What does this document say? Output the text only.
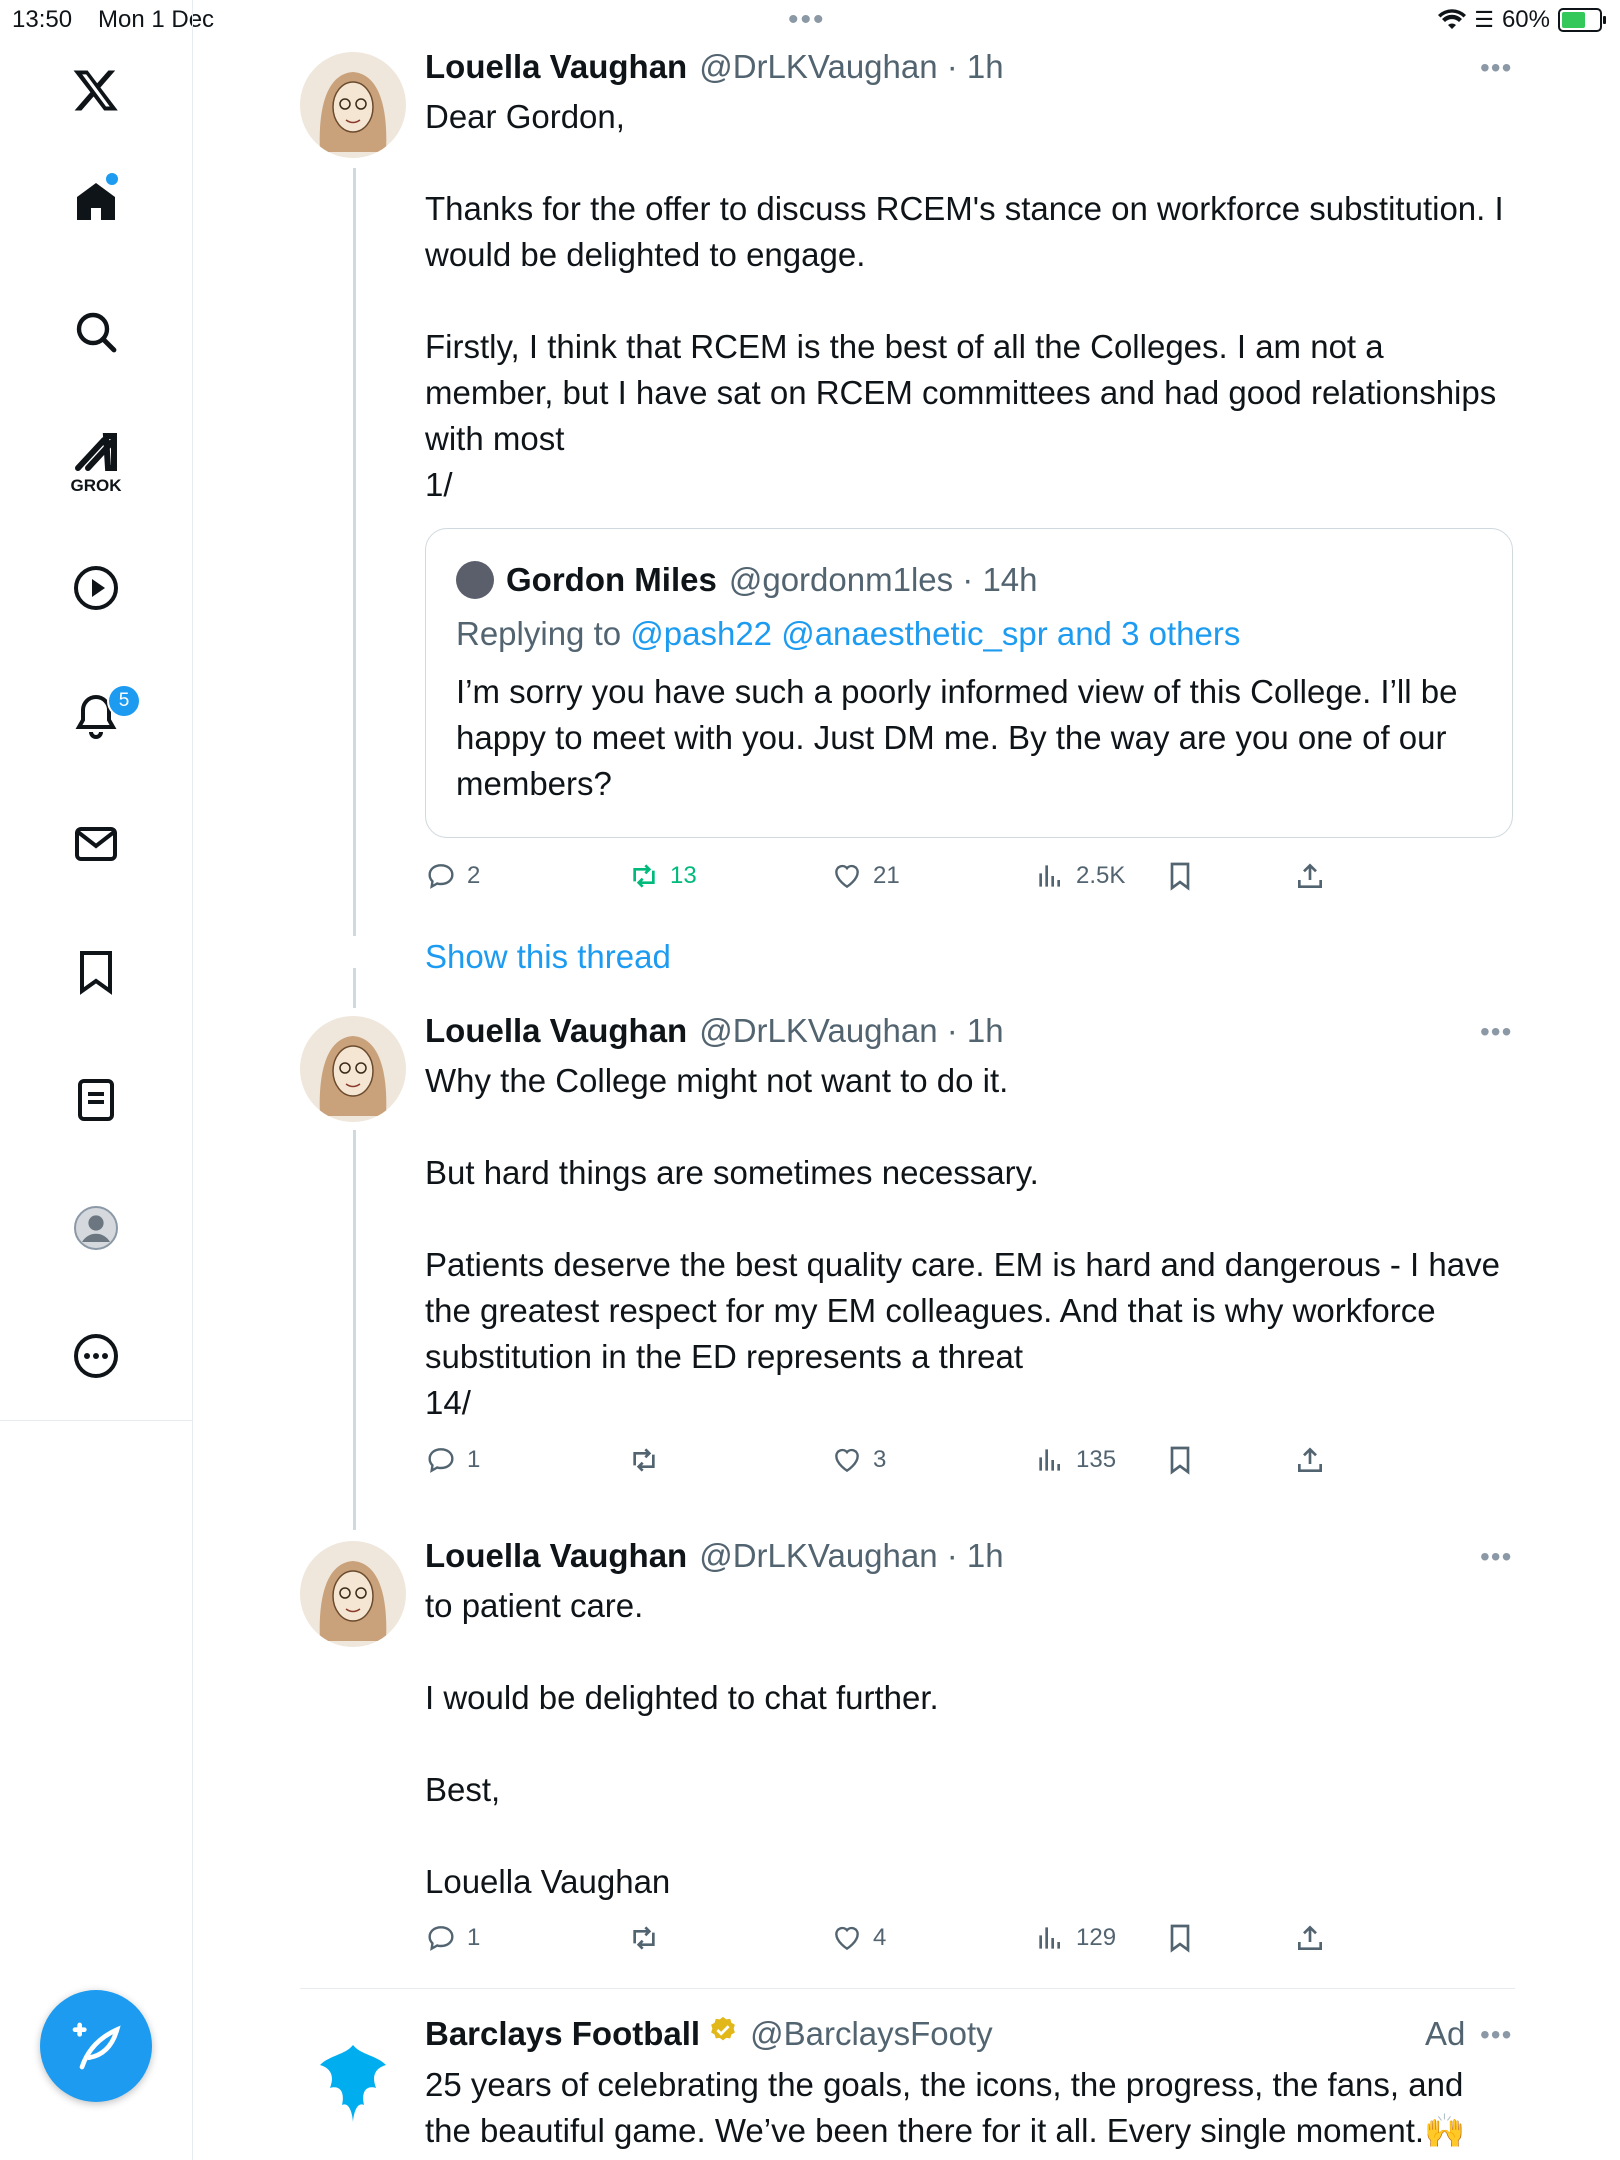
13:50 Mon 1 Dec	•••	☰ 60%
GROK
5
Louella Vaughan @DrLKVaughan · 1h	•••

Dear Gordon,

Thanks for the offer to discuss RCEM's stance on workforce substitution. I would be delighted to engage.

Firstly, I think that RCEM is the best of all the Colleges. I am not a member, but I have sat on RCEM committees and had good relationships with most
1/

Gordon Miles @gordonm1les · 14h
Replying to @pash22 @anaesthetic_spr and 3 others
I’m sorry you have such a poorly informed view of this College. I’ll be happy to meet with you. Just DM me. By the way are you one of our members?
2	13	21	2.5K
Show this thread
Louella Vaughan @DrLKVaughan · 1h	•••

Why the College might not want to do it.

But hard things are sometimes necessary.

Patients deserve the best quality care. EM is hard and dangerous - I have the greatest respect for my EM colleagues. And that is why workforce substitution in the ED represents a threat
14/

1	3	135
Louella Vaughan @DrLKVaughan · 1h	•••

to patient care.

I would be delighted to chat further.

Best,

Louella Vaughan

1	4	129
Barclays Football @BarclaysFooty	Ad •••
25 years of celebrating the goals, the icons, the progress, the fans, and the beautiful game. We’ve been there for it all. Every single moment.🙌
